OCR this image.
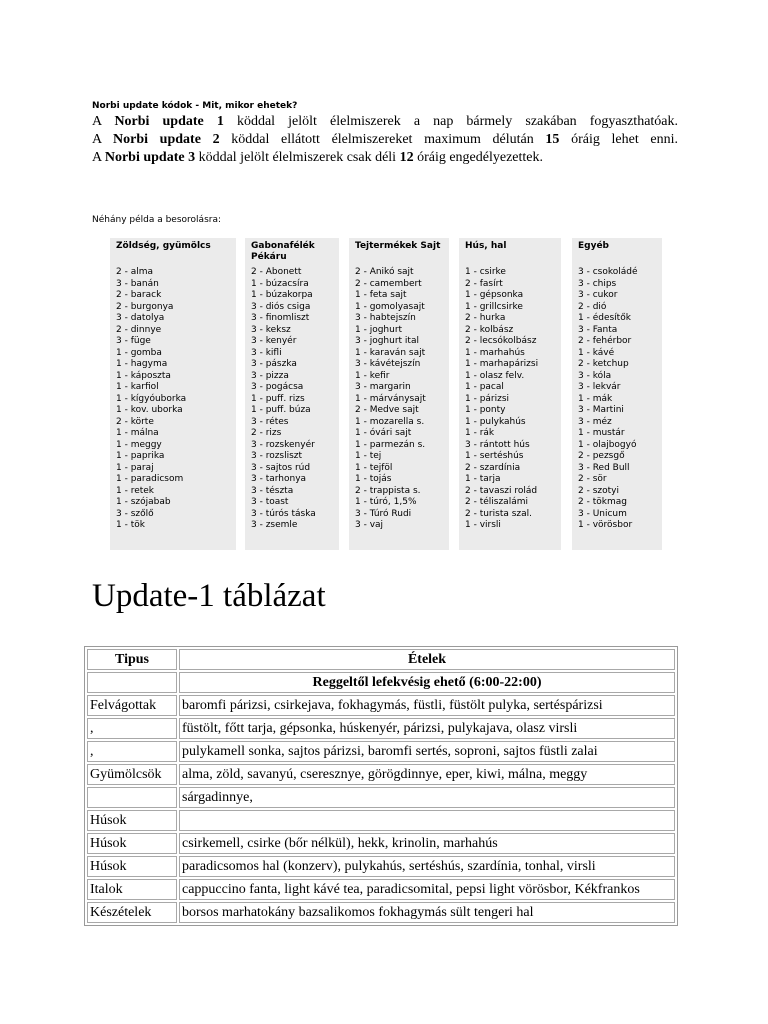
Norbi update kódok - Mit, mikor ehetek?

A Norbi update 1 köddal jelölt élelmiszerek a nap bármely szakában fogyaszthatóak.

A Norbi update 2 köddal ellátott élelmiszereket maximum délután 15 óráig lehet enni.

A Norbi update 3 köddal jelölt élelmiszerek csak déli 12 óráig engedélyezettek.

Néhány példa a besorolásra:
Zöldség, gyümölcs
2 - alma
3 - banán
2 - barack
2 - burgonya
3 - datolya
2 - dinnye
3 - füge
1 - gomba
1 - hagyma
1 - káposzta
1 - karfiol
1 - kígyóuborka
1 - kov. uborka
2 - körte
1 - málna
1 - meggy
1 - paprika
1 - paraj
1 - paradicsom
1 - retek
1 - szójabab
3 - szőlő
1 - tök
Gabonafélék Pékáru
2 - Abonett
1 - búzacsíra
1 - búzakorpa
3 - diós csiga
3 - finomliszt
3 - keksz
3 - kenyér
3 - kifli
3 - pászka
3 - pizza
3 - pogácsa
1 - puff. rizs
1 - puff. búza
3 - rétes
2 - rizs
3 - rozskenyér
3 - rozsliszt
3 - sajtos rúd
3 - tarhonya
3 - tészta
3 - toast
3 - túrós táska
3 - zsemle
Tejtermékek Sajt
2 - Anikó sajt
2 - camembert
1 - feta sajt
1 - gomolyasajt
3 - habtejszín
1 - joghurt
3 - joghurt ital
1 - karaván sajt
3 - kávétejszín
1 - kefir
3 - margarin
1 - márványsajt
2 - Medve sajt
1 - mozarella s.
1 - óvári sajt
1 - parmezán s.
1 - tej
1 - tejföl
1 - tojás
2 - trappista s.
1 - túró, 1,5%
3 - Túró Rudi
3 - vaj
Hús, hal
1 - csirke
2 - fasírt
1 - gépsonka
1 - grillcsirke
2 - hurka
2 - kolbász
2 - lecsókolbász
1 - marhahús
1 - marhapárizsi
1 - olasz felv.
1 - pacal
1 - párizsi
1 - ponty
1 - pulykahús
1 - rák
3 - rántott hús
1 - sertéshús
2 - szardínia
1 - tarja
2 - tavaszi rolád
2 - téliszalámi
2 - turista szal.
1 - virsli
Egyéb
3 - csokoládé
3 - chips
3 - cukor
2 - dió
1 - édesítők
3 - Fanta
2 - fehérbor
1 - kávé
2 - ketchup
3 - kóla
3 - lekvár
1 - mák
3 - Martini
3 - méz
1 - mustár
1 - olajbogyó
2 - pezsgő
3 - Red Bull
2 - sör
2 - szotyi
2 - tökmag
3 - Unicum
1 - vörösbor
Update-1 táblázat
Tipus	Ételek
	Reggeltől lefekvésig ehető (6:00-22:00)
Felvágottak	baromfi párizsi, csirkejava, fokhagymás, füstli, füstölt pulyka, sertéspárizsi
,	füstölt, főtt tarja, gépsonka, húskenyér, párizsi, pulykajava, olasz virsli
,	pulykamell sonka, sajtos párizsi, baromfi sertés, soproni, sajtos füstli zalai
Gyümölcsök	alma, zöld, savanyú, cseresznye, görögdinnye, eper, kiwi, málna, meggy
	sárgadinnye,
Húsok	
Húsok	csirkemell, csirke (bőr nélkül), hekk, krinolin, marhahús
Húsok	paradicsomos hal (konzerv), pulykahús, sertéshús, szardínia, tonhal, virsli
Italok	cappuccino fanta, light kávé tea, paradicsomital, pepsi light vörösbor, Kékfrankos
Készételek	borsos marhatokány bazsalikomos fokhagymás sült tengeri hal
